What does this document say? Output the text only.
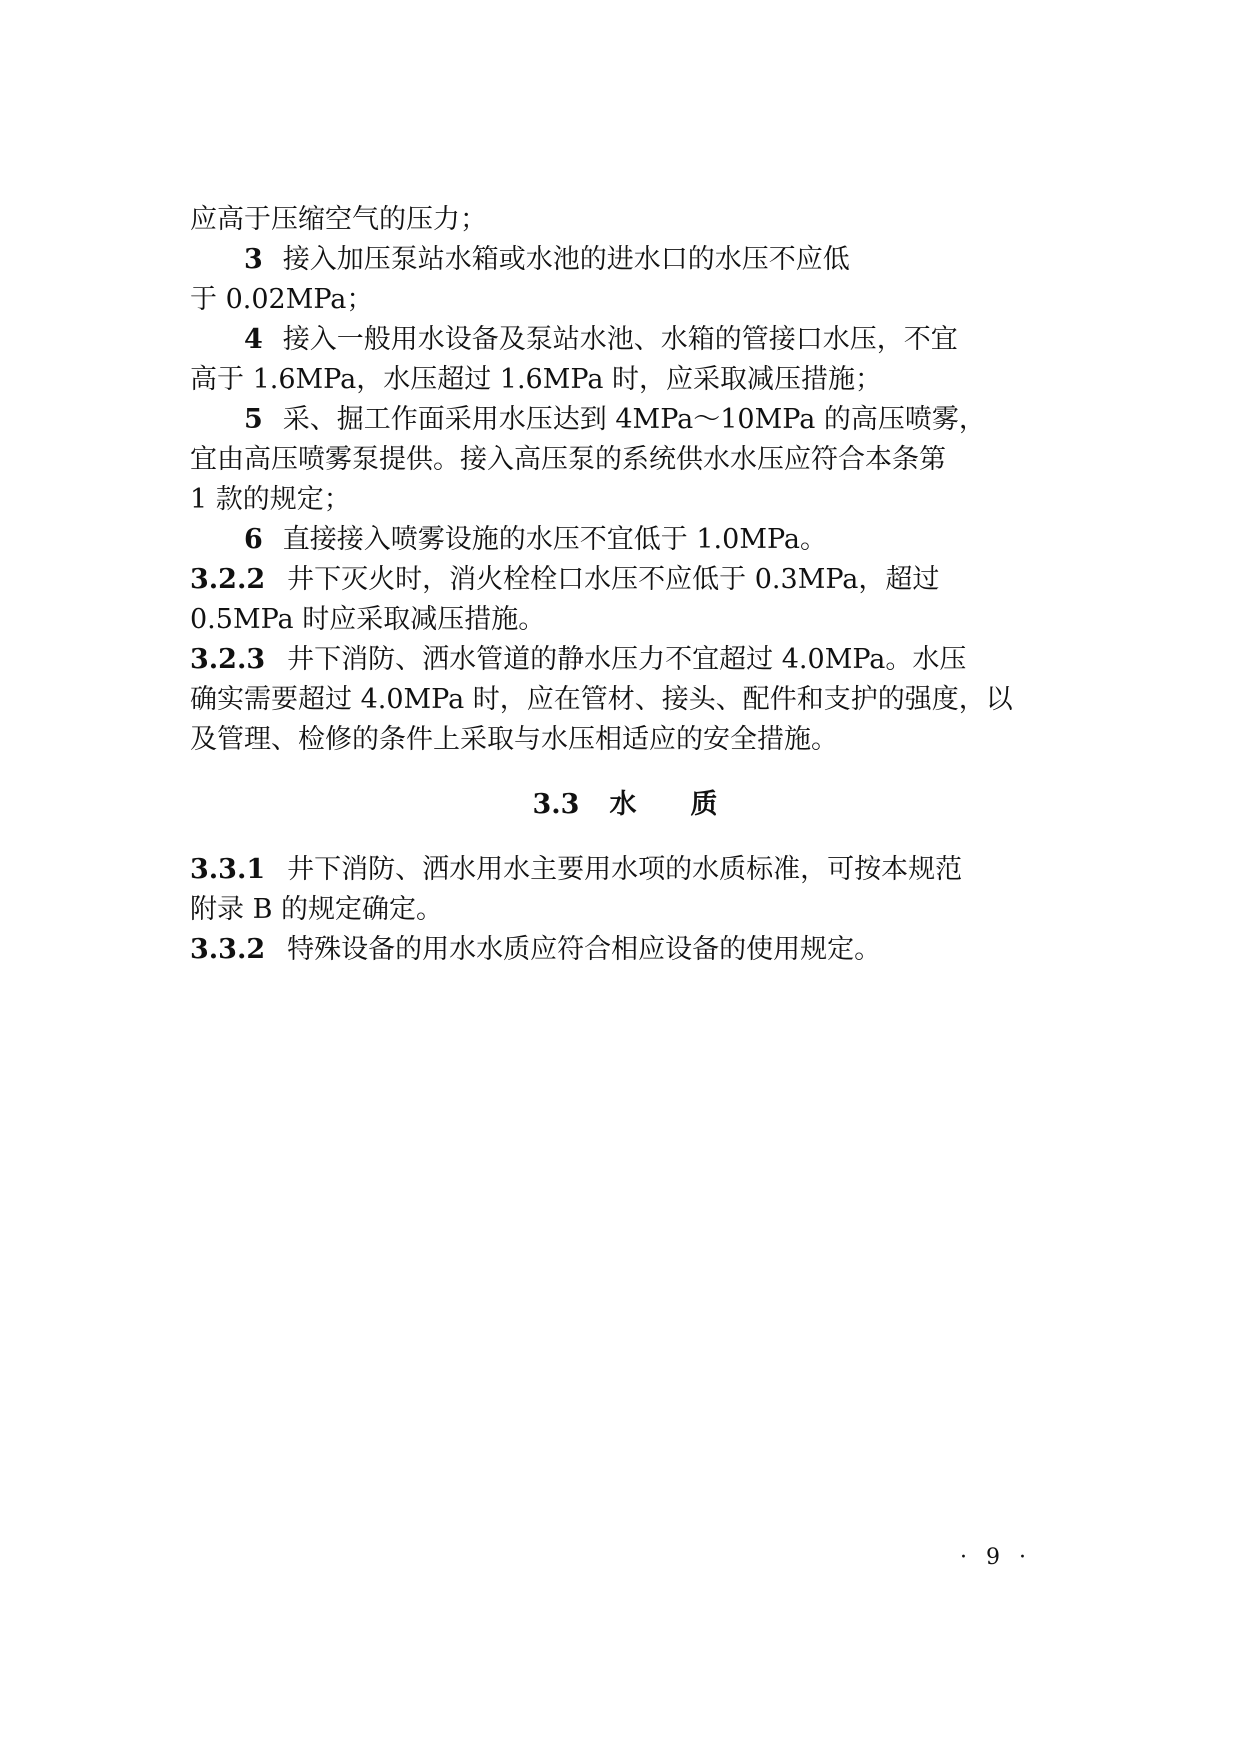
应高于压缩空气的压力；
3 接入加压泵站水箱或水池的进水口的水压不应低
于 0.02MPa；
4 接入一般用水设备及泵站水池、水箱的管接口水压，不宜
高于 1.6MPa，水压超过 1.6MPa 时，应采取减压措施；
5 采、掘工作面采用水压达到 4MPa～10MPa 的高压喷雾，
宜由高压喷雾泵提供。接入高压泵的系统供水水压应符合本条第
1 款的规定；
6 直接接入喷雾设施的水压不宜低于 1.0MPa。
3.2.2 井下灭火时，消火栓栓口水压不应低于 0.3MPa，超过
0.5MPa 时应采取减压措施。
3.2.3 井下消防、洒水管道的静水压力不宜超过 4.0MPa。水压
确实需要超过 4.0MPa 时，应在管材、接头、配件和支护的强度，以
及管理、检修的条件上采取与水压相适应的安全措施。
3.3 水　　质
3.3.1 井下消防、洒水用水主要用水项的水质标准，可按本规范
附录 B 的规定确定。
3.3.2 特殊设备的用水水质应符合相应设备的使用规定。
· 9 ·
